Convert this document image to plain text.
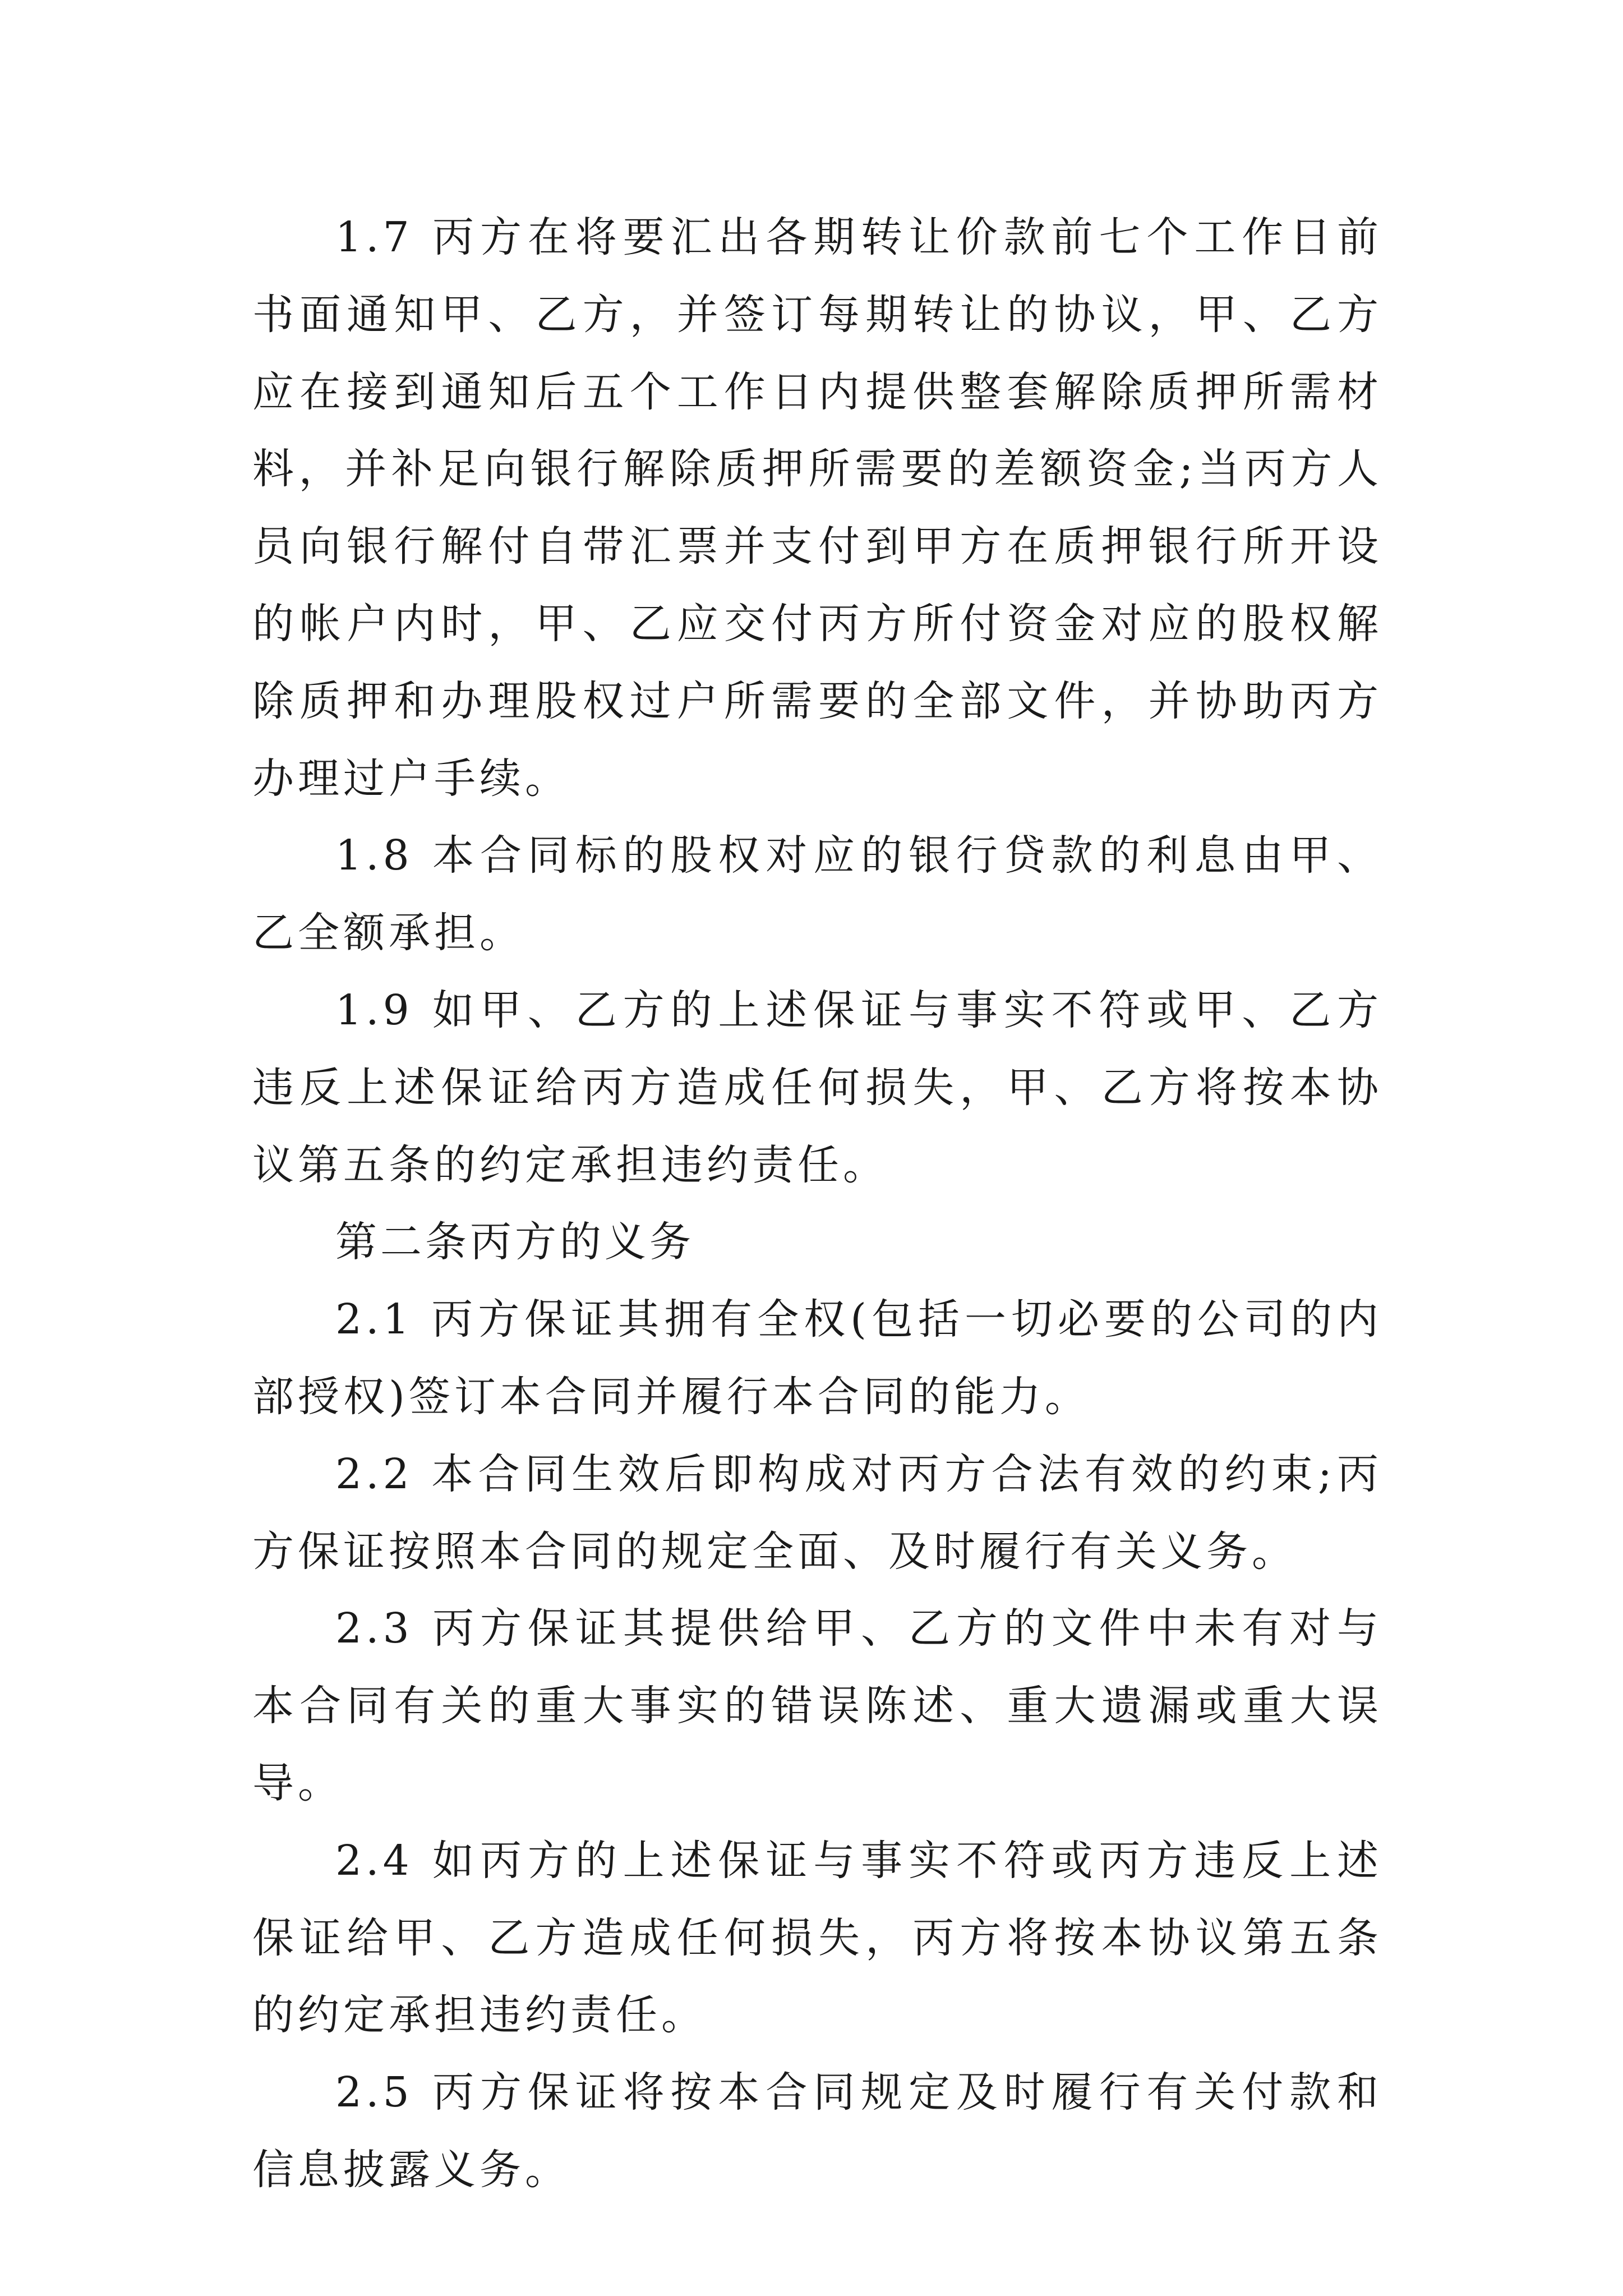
1.7 丙方在将要汇出各期转让价款前七个工作日前书面通知甲、乙方，并签订每期转让的协议，甲、乙方应在接到通知后五个工作日内提供整套解除质押所需材料，并补足向银行解除质押所需要的差额资金;当丙方人员向银行解付自带汇票并支付到甲方在质押银行所开设的帐户内时，甲、乙应交付丙方所付资金对应的股权解除质押和办理股权过户所需要的全部文件，并协助丙方办理过户手续。

1.8 本合同标的股权对应的银行贷款的利息由甲、乙全额承担。

1.9 如甲、乙方的上述保证与事实不符或甲、乙方违反上述保证给丙方造成任何损失，甲、乙方将按本协议第五条的约定承担违约责任。

第二条丙方的义务

2.1 丙方保证其拥有全权(包括一切必要的公司的内部授权)签订本合同并履行本合同的能力。

2.2 本合同生效后即构成对丙方合法有效的约束;丙方保证按照本合同的规定全面、及时履行有关义务。

2.3 丙方保证其提供给甲、乙方的文件中未有对与本合同有关的重大事实的错误陈述、重大遗漏或重大误导。

2.4 如丙方的上述保证与事实不符或丙方违反上述保证给甲、乙方造成任何损失，丙方将按本协议第五条的约定承担违约责任。

2.5 丙方保证将按本合同规定及时履行有关付款和信息披露义务。
